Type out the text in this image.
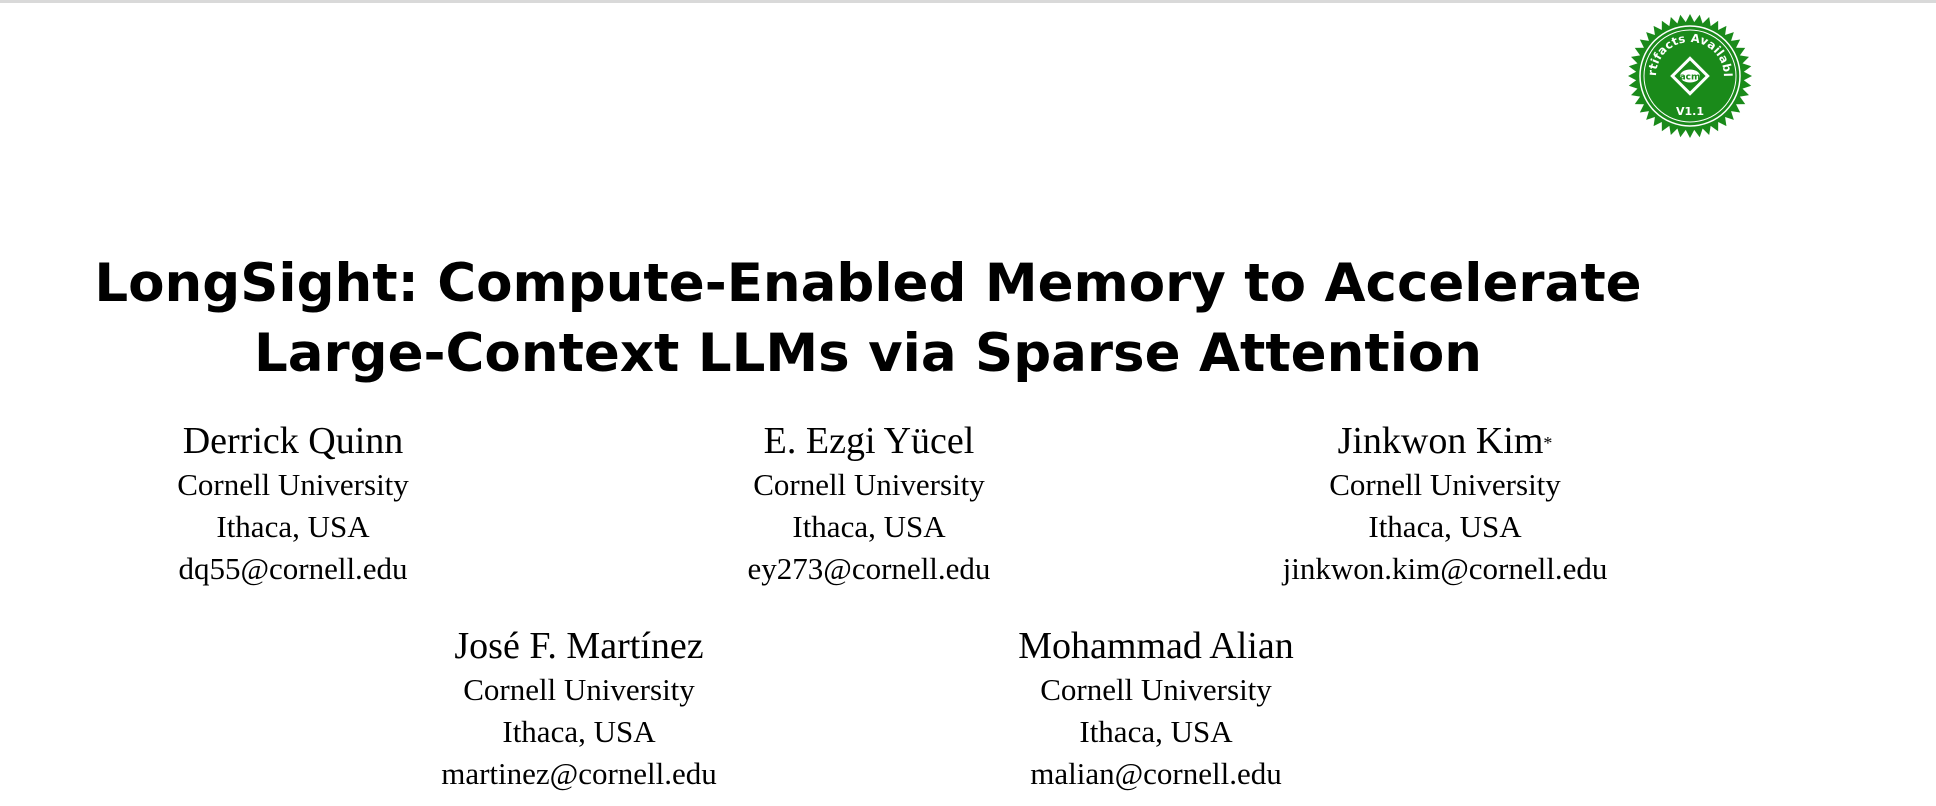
rtifacts Availabl
acm
V1.1
LongSight: Compute-Enabled Memory to Accelerate
Large-Context LLMs via Sparse Attention
Derrick Quinn
Cornell University
Ithaca, USA
dq55@cornell.edu
E. Ezgi Yücel
Cornell University
Ithaca, USA
ey273@cornell.edu
Jinkwon Kim*
Cornell University
Ithaca, USA
jinkwon.kim@cornell.edu
José F. Martínez
Cornell University
Ithaca, USA
martinez@cornell.edu
Mohammad Alian
Cornell University
Ithaca, USA
malian@cornell.edu
